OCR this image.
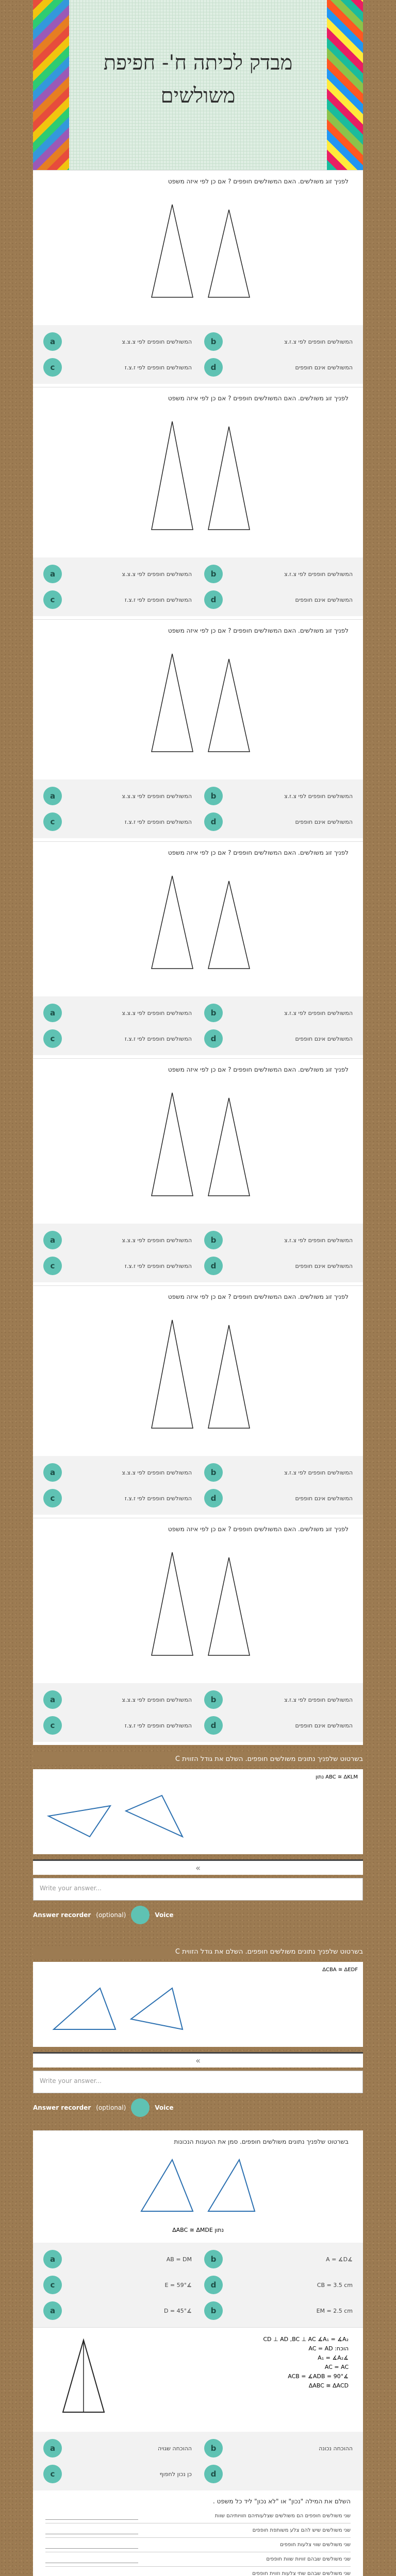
מבדק לכיתה ח'- חפיפת משולשים
לפניך זוג משולשים. האם המשולשים חופפים ? אם כן לפי איזה משפט
a	המשולשים חופפים לפי צ.צ.צ	b	המשולשים חופפים לפי צ.ז.צ
c	המשולשים חופפים לפי ז.צ.ז	d	המשולשים אינם חופפים
לפניך זוג משולשים. האם המשולשים חופפים ? אם כן לפי איזה משפט
a	המשולשים חופפים לפי צ.צ.צ	b	המשולשים חופפים לפי צ.ז.צ
c	המשולשים חופפים לפי ז.צ.ז	d	המשולשים אינם חופפים
לפניך זוג משולשים. האם המשולשים חופפים ? אם כן לפי איזה משפט
a	המשולשים חופפים לפי צ.צ.צ	b	המשולשים חופפים לפי צ.ז.צ
c	המשולשים חופפים לפי ז.צ.ז	d	המשולשים אינם חופפים
לפניך זוג משולשים. האם המשולשים חופפים ? אם כן לפי איזה משפט
a	המשולשים חופפים לפי צ.צ.צ	b	המשולשים חופפים לפי צ.ז.צ
c	המשולשים חופפים לפי ז.צ.ז	d	המשולשים אינם חופפים
לפניך זוג משולשים. האם המשולשים חופפים ? אם כן לפי איזה משפט
a	המשולשים חופפים לפי צ.צ.צ	b	המשולשים חופפים לפי צ.ז.צ
c	המשולשים חופפים לפי ז.צ.ז	d	המשולשים אינם חופפים
לפניך זוג משולשים. האם המשולשים חופפים ? אם כן לפי איזה משפט
a	המשולשים חופפים לפי צ.צ.צ	b	המשולשים חופפים לפי צ.ז.צ
c	המשולשים חופפים לפי ז.צ.ז	d	המשולשים אינם חופפים
לפניך זוג משולשים. האם המשולשים חופפים ? אם כן לפי איזה משפט
a	המשולשים חופפים לפי צ.צ.צ	b	המשולשים חופפים לפי צ.ז.צ
c	המשולשים חופפים לפי ז.צ.ז	d	המשולשים אינם חופפים
בשרטוט שלפניך נתונים משולשים חופפים. השלם את גודל הזווית C
ABC ≅ ΔKLM נתון
«
Write your answer...
Answer recorder (optional)	Voice
בשרטוט שלפניך נתונים משולשים חופפים. השלם את גודל הזווית C
ΔCBA ≅ ΔEDF
«
Write your answer...
Answer recorder (optional)	Voice
בשרטוט שלפניך נתונים משולשים חופפים. סמן את הטענות הנכונות
ΔABC ≅ ΔMDE נתון
a	AB = DM	b	∡A = ∡D
c	∡E = 59°	d	CB = 3.5 cm
a	∡D = 45°	b	EM = 2.5 cm
CD ⊥ AD ,BC ⊥ AC ∡A₁ = ∡A₂
הוכח: AC = AD
∡A₁ = ∡A₂
AC = AC
∡ACB = ∡ADB = 90°
ΔABC ≅ ΔACD
a	ההוכחה שגויה	b	ההוכחה נכונה
c	כן נכון לחפוף	d
השלם את המילה "נכון" או "לא נכון" ליד כל משפט .
שני משולשים חופפים הם משולשים שצלעותיהם וזוויותיהם שוות
שני משולשים שיש להם צלע משותפת חופפים
שני משולשים שווי צלעות חופפים
שני משולשים שבהם זוויות שוות חופפים
שני משולשים שבהם שתי צלעות וזווית חופפים
